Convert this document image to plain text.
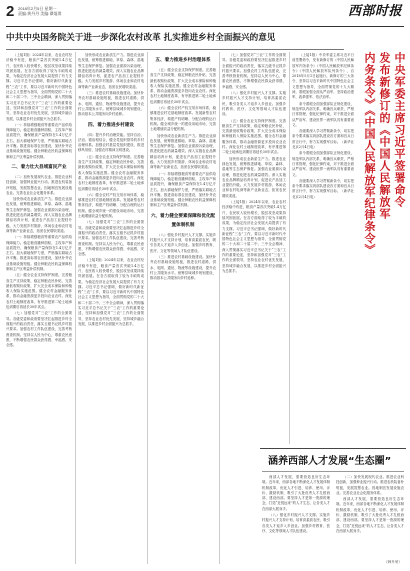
2 2018年2月5日 星期一
责编:黄丹丹 美编:谭焜琪	西部时报
中共中央国务院关于进一步深化农村改革 扎实推进乡村全面振兴的意见

（上接1版）2024年以来，农业农村经济稳中有进，粮食产量首次突破1.4万亿斤，农民收入较快增长，脱贫攻坚成果持续巩固拓展。在各方面取得了较为丰硕的成果，为稳定经济社会发展大局提供了有力支撑。习近平总书记强调，做好新时代新征程“三农”工作，要以习近平新时代中国特色社会主义思想为指导，全面贯彻党的二十大和二十届二中、三中全会精神，深入贯彻落实习近平总书记关于“三农”工作的重要论述，坚持和加强党对“三农”工作的全面领导，坚持农业农村优先发展，坚持城乡融合发展，以推进乡村全面振兴为总抓手。

（一）持续增强粮食等重要农产品供给保障能力。稳定粮食播种面积，主攻单产和品质提升，确保粮食产量保持在1.4万亿斤左右。加大耕地保护力度，严格落实耕地占补平衡。推进高标准农田建设，加快补齐农业基础设施短板。健全种粮农民收益保障机制和主产区利益补偿机制。

二、着力壮大县域富民产业

（二）加快发展现代农业。推进农业科技创新，加强种业振兴行动。推进农机装备补短板，发展智慧农业。因地制宜发展设施农业。完善农业社会化服务体系。

加快形成农业新质生产力。推进农业绿色发展，统筹推进耕地、草原、森林、湿地等生态保护修复。加强农业面源污染治理，推进化肥农药减量增效。深入实施农业品牌精品培育计划，促进农产品加工业提档升级。大力发展乡村旅游、休闲农业和农村电商等新产业新业态，拓宽农民增收渠道。

（一）持续增强粮食等重要农产品供给保障能力。稳定粮食播种面积，主攻单产和品质提升，确保粮食产量保持在1.4万亿斤左右。加大耕地保护力度，严格落实耕地占补平衡。推进高标准农田建设，加快补齐农业基础设施短板。健全种粮农民收益保障机制和主产区利益补偿机制。

（五）健全农业支持保护制度。完善粮食生产支持政策，稳定种粮农民补贴，完善最低收购价政策，扩大完全成本保险和种植收入保险实施范围。健全农村金融服务体系，推动金融资源更多投向农业农村。深化农村土地制度改革，有序推进第二轮土地承包到期后再延长30年试点。

（七）加强党对“三农”工作的全面领导。各级党委和政府要坚决扛起推进乡村全面振兴的政治责任，落实五级书记抓乡村振兴要求。加强农村工作队伍建设，完善考核督查机制。坚持以人民为中心，尊重农民意愿，不断增强农民群众获得感、幸福感、安全感。

加快形成农业新质生产力。推进农业绿色发展，统筹推进耕地、草原、森林、湿地等生态保护修复。加强农业面源污染治理，推进化肥农药减量增效。深入实施农业品牌精品培育计划，促进农产品加工业提档升级。大力发展乡村旅游、休闲农业和农村电商等新产业新业态，拓宽农民增收渠道。

（三）推进农村基础设施建设。加快补齐农村基础设施短板，推进农村道路、供水、电网、通信、物流等设施建设，提升农村公共服务水平。统筹县域城乡规划建设，推动基本公共服务向乡村延伸。

四、着力推进乡村建设

（四）提升乡村治理效能。坚持自治、法治、德治相结合，健全党组织领导的乡村治理体系。加强农村基层党组织建设，推进移风易俗，加强农村精神文明建设。

（五）健全农业支持保护制度。完善粮食生产支持政策，稳定种粮农民补贴，完善最低收购价政策，扩大完全成本保险和种植收入保险实施范围。健全农村金融服务体系，推动金融资源更多投向农业农村。深化农村土地制度改革，有序推进第二轮土地承包到期后再延长30年试点。

（六）健全农村产权交易市场体系，稳慎推进农村宅基地制度改革。发展新型农村集体经济，构建产权明晰、分配合理的运行机制。健全城乡统一的建设用地市场，完善土地增值收益分配机制。

（七）加强党对“三农”工作的全面领导。各级党委和政府要坚决扛起推进乡村全面振兴的政治责任，落实五级书记抓乡村振兴要求。加强农村工作队伍建设，完善考核督查机制。坚持以人民为中心，尊重农民意愿，不断增强农民群众获得感、幸福感、安全感。

（上接1版）2024年以来，农业农村经济稳中有进，粮食产量首次突破1.4万亿斤，农民收入较快增长，脱贫攻坚成果持续巩固拓展。在各方面取得了较为丰硕的成果，为稳定经济社会发展大局提供了有力支撑。习近平总书记强调，做好新时代新征程“三农”工作，要以习近平新时代中国特色社会主义思想为指导，全面贯彻党的二十大和二十届二中、三中全会精神，深入贯彻落实习近平总书记关于“三农”工作的重要论述，坚持和加强党对“三农”工作的全面领导，坚持农业农村优先发展，坚持城乡融合发展，以推进乡村全面振兴为总抓手。

五、着力推进乡村治理体系

（五）健全农业支持保护制度。完善粮食生产支持政策，稳定种粮农民补贴，完善最低收购价政策，扩大完全成本保险和种植收入保险实施范围。健全农村金融服务体系，推动金融资源更多投向农业农村。深化农村土地制度改革，有序推进第二轮土地承包到期后再延长30年试点。

（六）健全农村产权交易市场体系，稳慎推进农村宅基地制度改革。发展新型农村集体经济，构建产权明晰、分配合理的运行机制。健全城乡统一的建设用地市场，完善土地增值收益分配机制。

加快形成农业新质生产力。推进农业绿色发展，统筹推进耕地、草原、森林、湿地等生态保护修复。加强农业面源污染治理，推进化肥农药减量增效。深入实施农业品牌精品培育计划，促进农产品加工业提档升级。大力发展乡村旅游、休闲农业和农村电商等新产业新业态，拓宽农民增收渠道。

（一）持续增强粮食等重要农产品供给保障能力。稳定粮食播种面积，主攻单产和品质提升，确保粮食产量保持在1.4万亿斤左右。加大耕地保护力度，严格落实耕地占补平衡。推进高标准农田建设，加快补齐农业基础设施短板。健全种粮农民收益保障机制和主产区利益补偿机制。

六、着力健全要素保障和优化配置体制机制

（八）强化乡村振兴人才支撑。实施乡村振兴人才支持计划，培育高素质农民，吸引各类人才返乡入乡创业。加强乡村教育、医疗、文化等领域人才队伍建设。

（三）推进农村基础设施建设。加快补齐农村基础设施短板，推进农村道路、供水、电网、通信、物流等设施建设，提升农村公共服务水平。统筹县域城乡规划建设，推动基本公共服务向乡村延伸。

（七）加强党对“三农”工作的全面领导。各级党委和政府要坚决扛起推进乡村全面振兴的政治责任，落实五级书记抓乡村振兴要求。加强农村工作队伍建设，完善考核督查机制。坚持以人民为中心，尊重农民意愿，不断增强农民群众获得感、幸福感、安全感。

（八）强化乡村振兴人才支撑。实施乡村振兴人才支持计划，培育高素质农民，吸引各类人才返乡入乡创业。加强乡村教育、医疗、文化等领域人才队伍建设。

（五）健全农业支持保护制度。完善粮食生产支持政策，稳定种粮农民补贴，完善最低收购价政策，扩大完全成本保险和种植收入保险实施范围。健全农村金融服务体系，推动金融资源更多投向农业农村。深化农村土地制度改革，有序推进第二轮土地承包到期后再延长30年试点。

加快形成农业新质生产力。推进农业绿色发展，统筹推进耕地、草原、森林、湿地等生态保护修复。加强农业面源污染治理，推进化肥农药减量增效。深入实施农业品牌精品培育计划，促进农产品加工业提档升级。大力发展乡村旅游、休闲农业和农村电商等新产业新业态，拓宽农民增收渠道。

（上接1版）2024年以来，农业农村经济稳中有进，粮食产量首次突破1.4万亿斤，农民收入较快增长，脱贫攻坚成果持续巩固拓展。在各方面取得了较为丰硕的成果，为稳定经济社会发展大局提供了有力支撑。习近平总书记强调，做好新时代新征程“三农”工作，要以习近平新时代中国特色社会主义思想为指导，全面贯彻党的二十大和二十届二中、三中全会精神，深入贯彻落实习近平总书记关于“三农”工作的重要论述，坚持和加强党对“三农”工作的全面领导，坚持农业农村优先发展，坚持城乡融合发展，以推进乡村全面振兴为总抓手。

（上接1版）中央军委主席习近平日前签署命令，发布新修订的《中国人民解放军内务条令》《中国人民解放军纪律条令》《中国人民解放军队列条令》，自2018年5月1日起施行。新修订的三大条令，坚持以习近平新时代中国特色社会主义思想为指导，全面贯彻党的十九大精神，着眼加强全面从严治军，坚持政治建军、改革强军、依法治军。

条令着眼全面加强部队正规化建设，规范军队内部关系，明确官兵职责，严格日常管理，强化纪律约束，对于推进全面从严治军、建设世界一流军队具有重要意义。

各级要深入学习贯彻新条令，切实把条令要求落实到部队建设各方面和官兵日常言行中，努力实现强军目标。（新华社北京2月4日电）

条令着眼全面加强部队正规化建设，规范军队内部关系，明确官兵职责，严格日常管理，强化纪律约束，对于推进全面从严治军、建设世界一流军队具有重要意义。

各级要深入学习贯彻新条令，切实把条令要求落实到部队建设各方面和官兵日常言行中，努力实现强军目标。（新华社北京2月4日电）	中央军委主席习近平签署命令
发布新修订的《中国人民解放军
内务条令》《中国人民解放军纪律条令》
涵养西部人才发展“生态圈”

西部人才发展，需要营造良好生态环境。近年来，西部各地不断深化人才发展体制机制改革，优化人才引进、培养、使用、评价、激励机制，吸引了大批优秀人才扎根西部、建设西部。要坚持人才是第一资源的理念，打造“近悦远来”的人才生态，让各类人才在西部大展身手。

（八）强化乡村振兴人才支撑。实施乡村振兴人才支持计划，培育高素质农民，吸引各类人才返乡入乡创业。加强乡村教育、医疗、文化等领域人才队伍建设。

（二）加快发展现代农业。推进农业科技创新，加强种业振兴行动。推进农机装备补短板，发展智慧农业。因地制宜发展设施农业。完善农业社会化服务体系。

西部人才发展，需要营造良好生态环境。近年来，西部各地不断深化人才发展体制机制改革，优化人才引进、培养、使用、评价、激励机制，吸引了大批优秀人才扎根西部、建设西部。要坚持人才是第一资源的理念，打造“近悦远来”的人才生态，让各类人才在西部大展身手。

（韩升荣）
